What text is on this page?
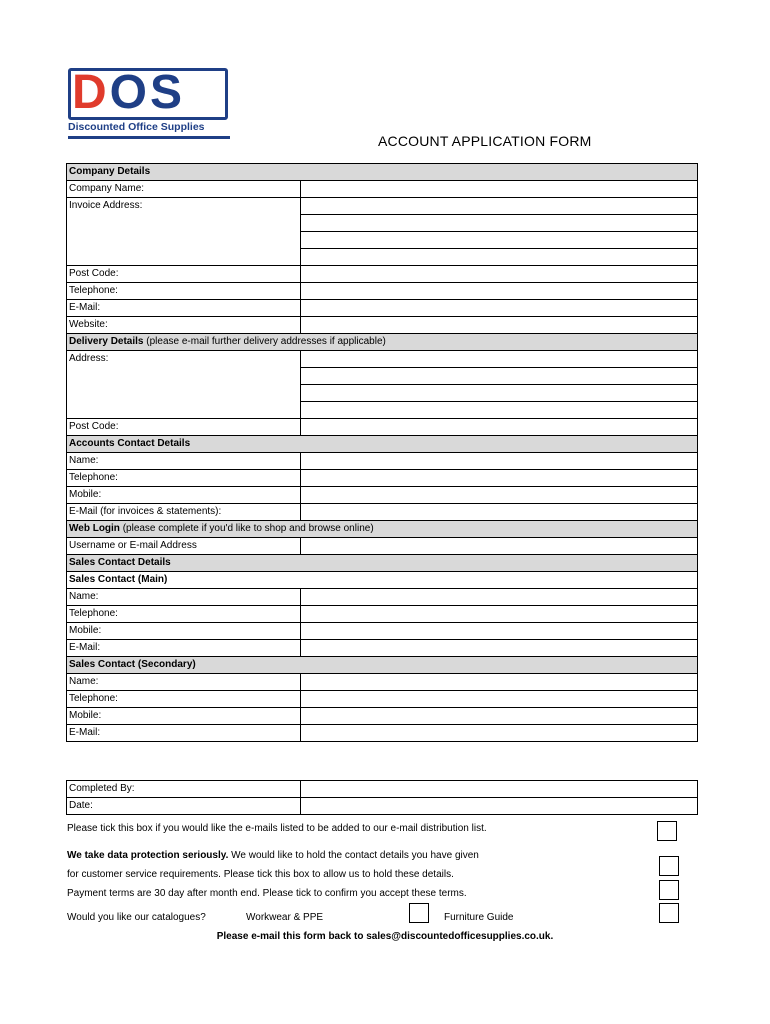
DOS
Discounted Office Supplies
ACCOUNT APPLICATION FORM
Company Details	
Company Name:	
Invoice Address:	

Post Code:	
Telephone:	
E-Mail:	
Website:	
Delivery Details (please e-mail further delivery addresses if applicable)	
Address:	

Post Code:	
Accounts Contact Details	
Name:	
Telephone:	
Mobile:	
E-Mail (for invoices & statements):	
Web Login (please complete if you'd like to shop and browse online)	
Username or E-mail Address	
Sales Contact Details	
Sales Contact (Main)	
Name:	
Telephone:	
Mobile:	
E-Mail:	
Sales Contact (Secondary)	
Name:	
Telephone:	
Mobile:	
E-Mail:	
Completed By:	
Date:	
Please tick this box if you would like the e-mails listed to be added to our e-mail distribution list.
We take data protection seriously. We would like to hold the contact details you have given
for customer service requirements. Please tick this box to allow us to hold these details.
Payment terms are 30 day after month end. Please tick to confirm you accept these terms.
Would you like our catalogues?	Workwear & PPE	Furniture Guide
Please e-mail this form back to sales@discountedofficesupplies.co.uk.
